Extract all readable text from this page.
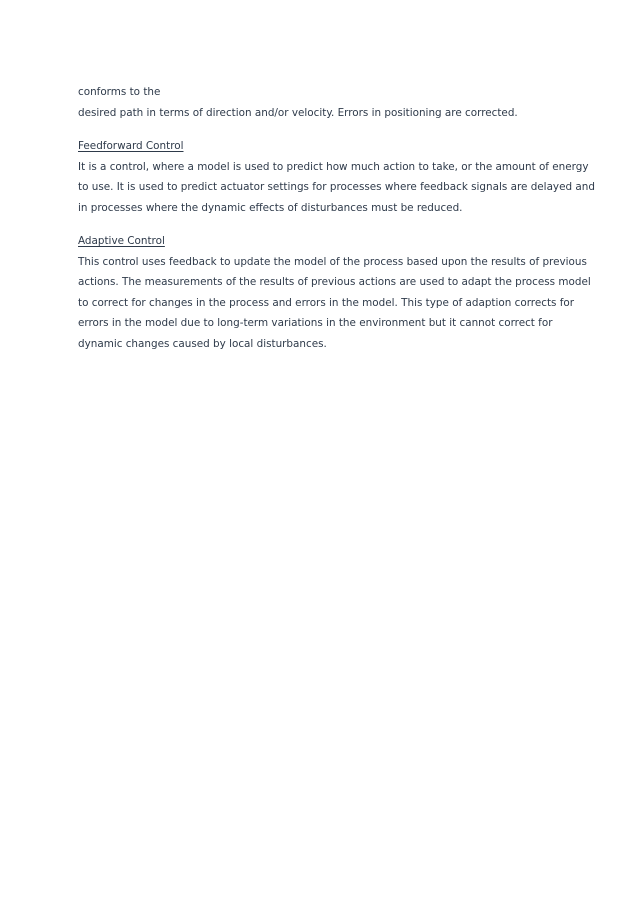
conforms to the
desired path in terms of direction and/or velocity. Errors in positioning are corrected.
Feedforward Control
It is a control, where a model is used to predict how much action to take, or the amount of energy
to use. It is used to predict actuator settings for processes where feedback signals are delayed and
in processes where the dynamic effects of disturbances must be reduced.
Adaptive Control
This control uses feedback to update the model of the process based upon the results of previous
actions. The measurements of the results of previous actions are used to adapt the process model
to correct for changes in the process and errors in the model. This type of adaption corrects for
errors in the model due to long-term variations in the environment but it cannot correct for
dynamic changes caused by local disturbances.
